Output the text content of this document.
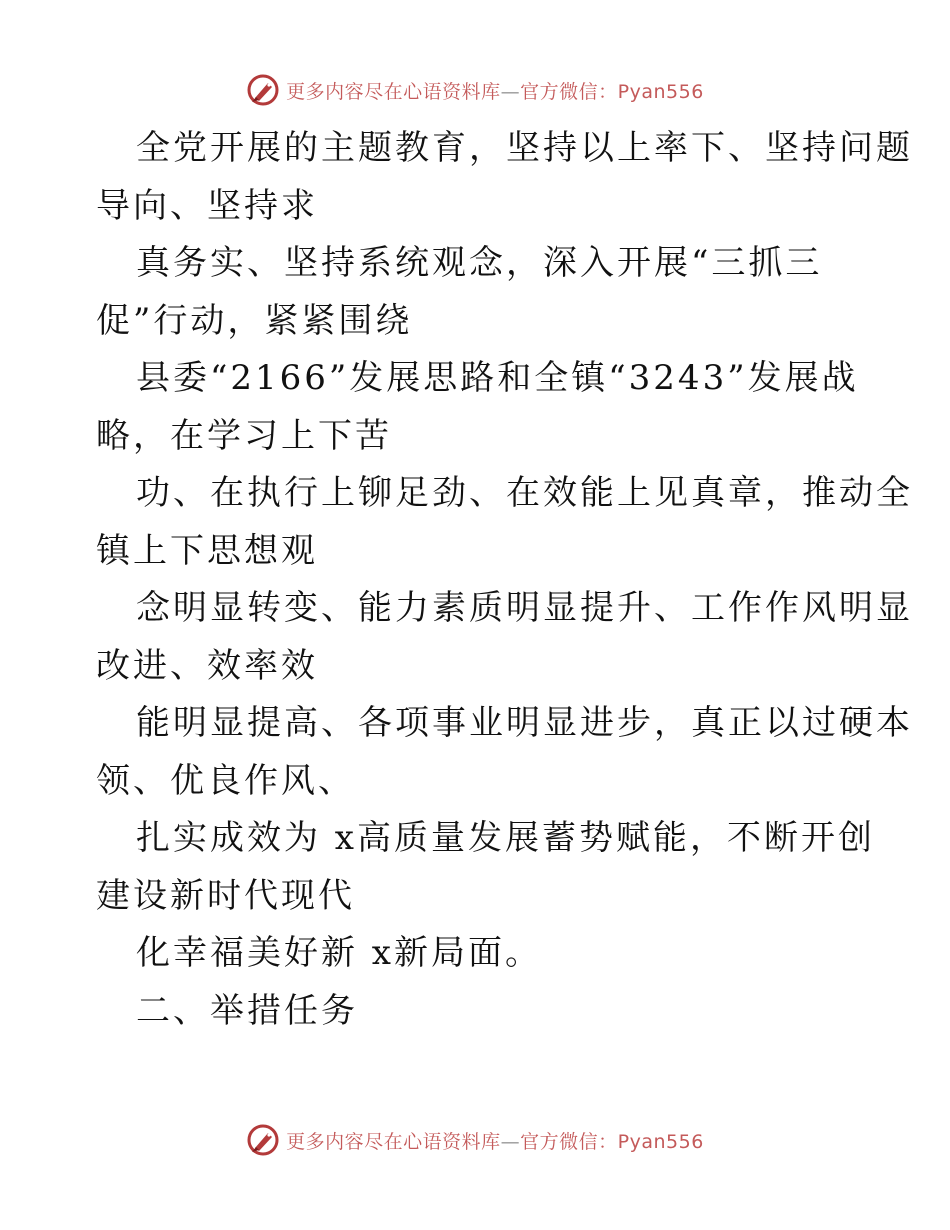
更多内容尽在心语资料库—官方微信：Pyan556
全党开展的主题教育，坚持以上率下、坚持问题
导向、坚持求
真务实、坚持系统观念，深入开展“三抓三
促”行动，紧紧围绕
县委“2166”发展思路和全镇“3243”发展战
略，在学习上下苦
功、在执行上铆足劲、在效能上见真章，推动全
镇上下思想观
念明显转变、能力素质明显提升、工作作风明显
改进、效率效
能明显提高、各项事业明显进步，真正以过硬本
领、优良作风、
扎实成效为 x高质量发展蓄势赋能，不断开创
建设新时代现代
化幸福美好新 x新局面。
二、举措任务
更多内容尽在心语资料库—官方微信：Pyan556
